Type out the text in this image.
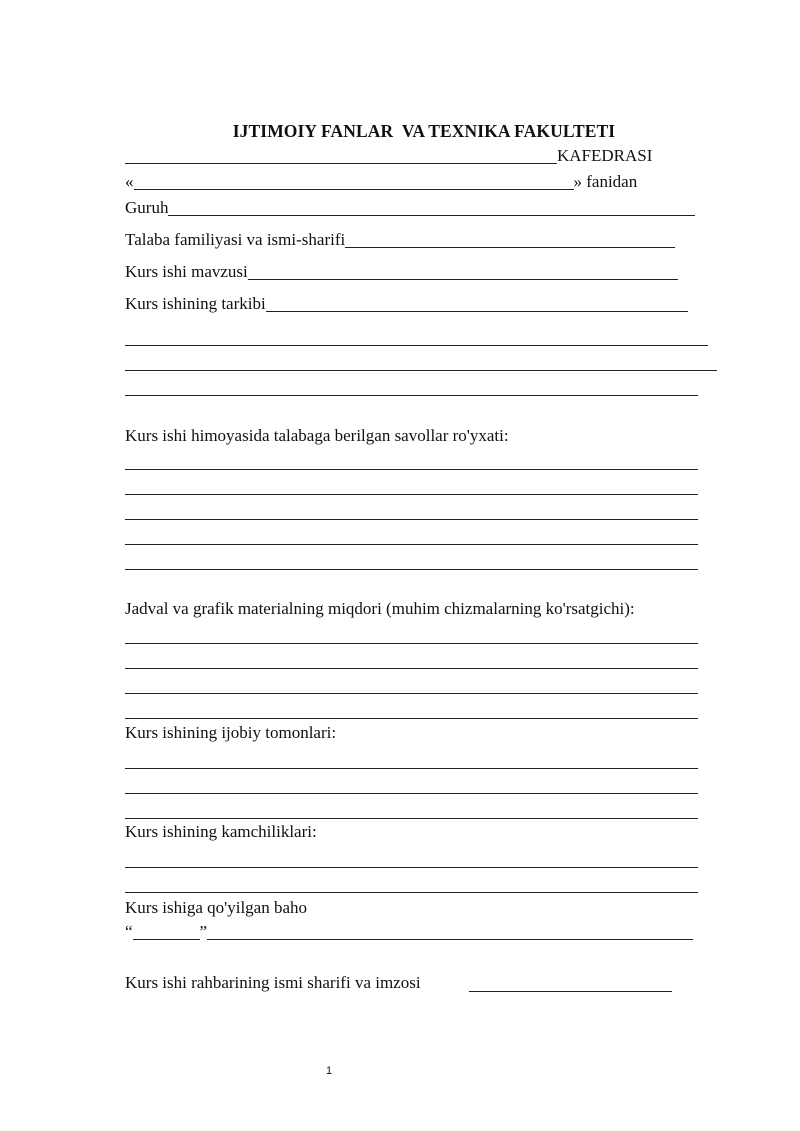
IJTIMOIY FANLAR  VA TEXNIKA FAKULTETI
KAFEDRASI
«	» fanidan
Guruh
Talaba familiyasi va ismi-sharifi
Kurs ishi mavzusi
Kurs ishining tarkibi
Kurs ishi himoyasida talabaga berilgan savollar ro'yxati:
Jadval va grafik materialning miqdori (muhim chizmalarning ko'rsatgichi):
Kurs ishining ijobiy tomonlari:
Kurs ishining kamchiliklari:
Kurs ishiga qo'yilgan baho
“	”
Kurs ishi rahbarining ismi sharifi va imzosi
1
